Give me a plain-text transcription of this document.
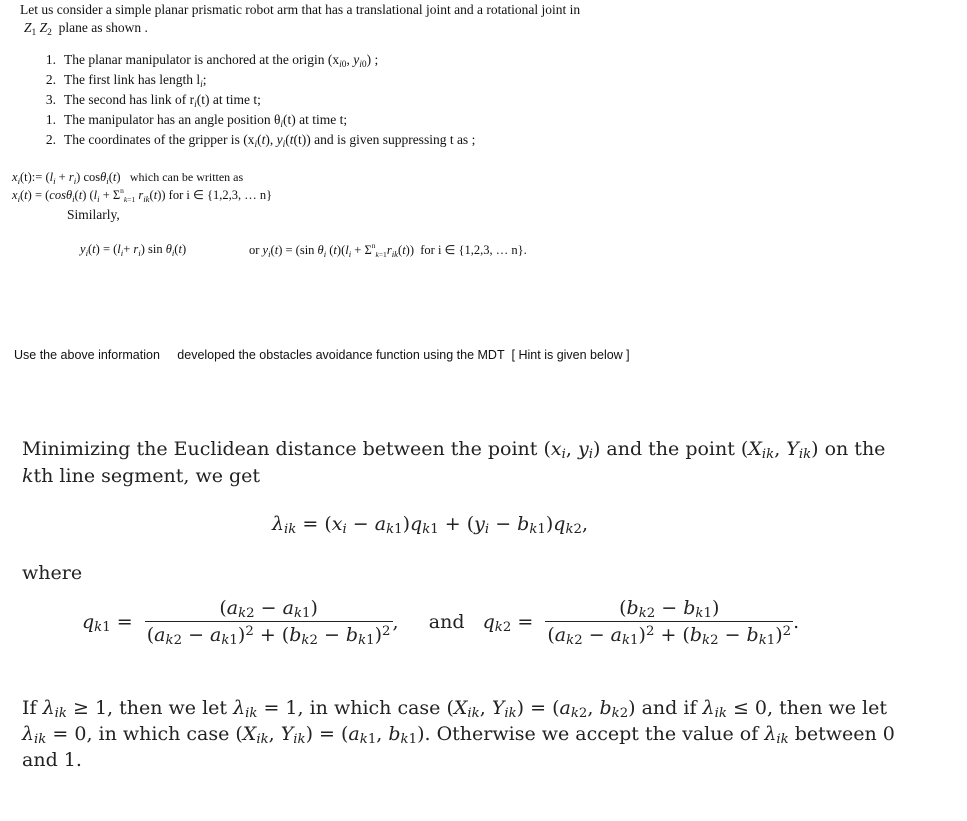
Let us consider a simple planar prismatic robot arm that has a translational joint and a rotational joint in
$Z_1$ $Z_2$ plane as shown .
1. The planar manipulator is anchored at the origin ($x_{i0}$, $y_{i0}$) ;
2. The first link has length $l_i$;
3. The second has link of $r_i(t)$ at time t;
1. The manipulator has an angle position $\theta_i(t)$ at time t;
2. The coordinates of the gripper is ($x_i(t)$, $y_i(t(t))$ and is given suppressing t as ;
$x_i(t):= (l_i + r_i)$ cosθ$_i$(t)   which can be written as
$x_i(t) = (\cos\theta_i(t) (l_i + \Sigma^n_{k=1}$ $r_{ik}(t)$) for i ∈ {1,2,3, … n}
Similarly,
$y_i(t) = (l_i+ r_i)$ $\sin \theta_i(t)$	or $y_i(t) = (\sin$ $\theta_i$ $(t)(l_i + \Sigma^n_{k=1}r_{ik}(t))$  for i ∈ {1,2,3, … n}.
Use the above information developed the obstacles avoidance function using the MDT [ Hint is given below ]
Minimizing the Euclidean distance between the point ($x_i$, $y_i$) and the point ($X_{ik}$, $Y_{ik}$) on the
kth line segment, we get
$\lambda_{ik} = (x_i - a_{k1})q_{k1} + (y_i - b_{k1})q_{k2}$,
where
$q_{k1} = \frac{(a_{k2} - a_{k1})}{(a_{k2} - a_{k1})^2 + (b_{k2} - b_{k1})^2}$ ,     and $q_{k2} = \frac{(b_{k2} - b_{k1})}{(a_{k2} - a_{k1})^2 + (b_{k2} - b_{k1})^2}$ .
If $\lambda_{ik} \ge 1$, then we let $\lambda_{ik} = 1$, in which case ($X_{ik}$, $Y_{ik}) = (a_{k2}$, $b_{k2}$) and if $\lambda_{ik} \le 0$, then we let
$\lambda_{ik} = 0$, in which case ($X_{ik}$, $Y_{ik}) = (a_{k1}$, $b_{k1}$). Otherwise we accept the value of $\lambda_{ik}$ between 0
and 1.
